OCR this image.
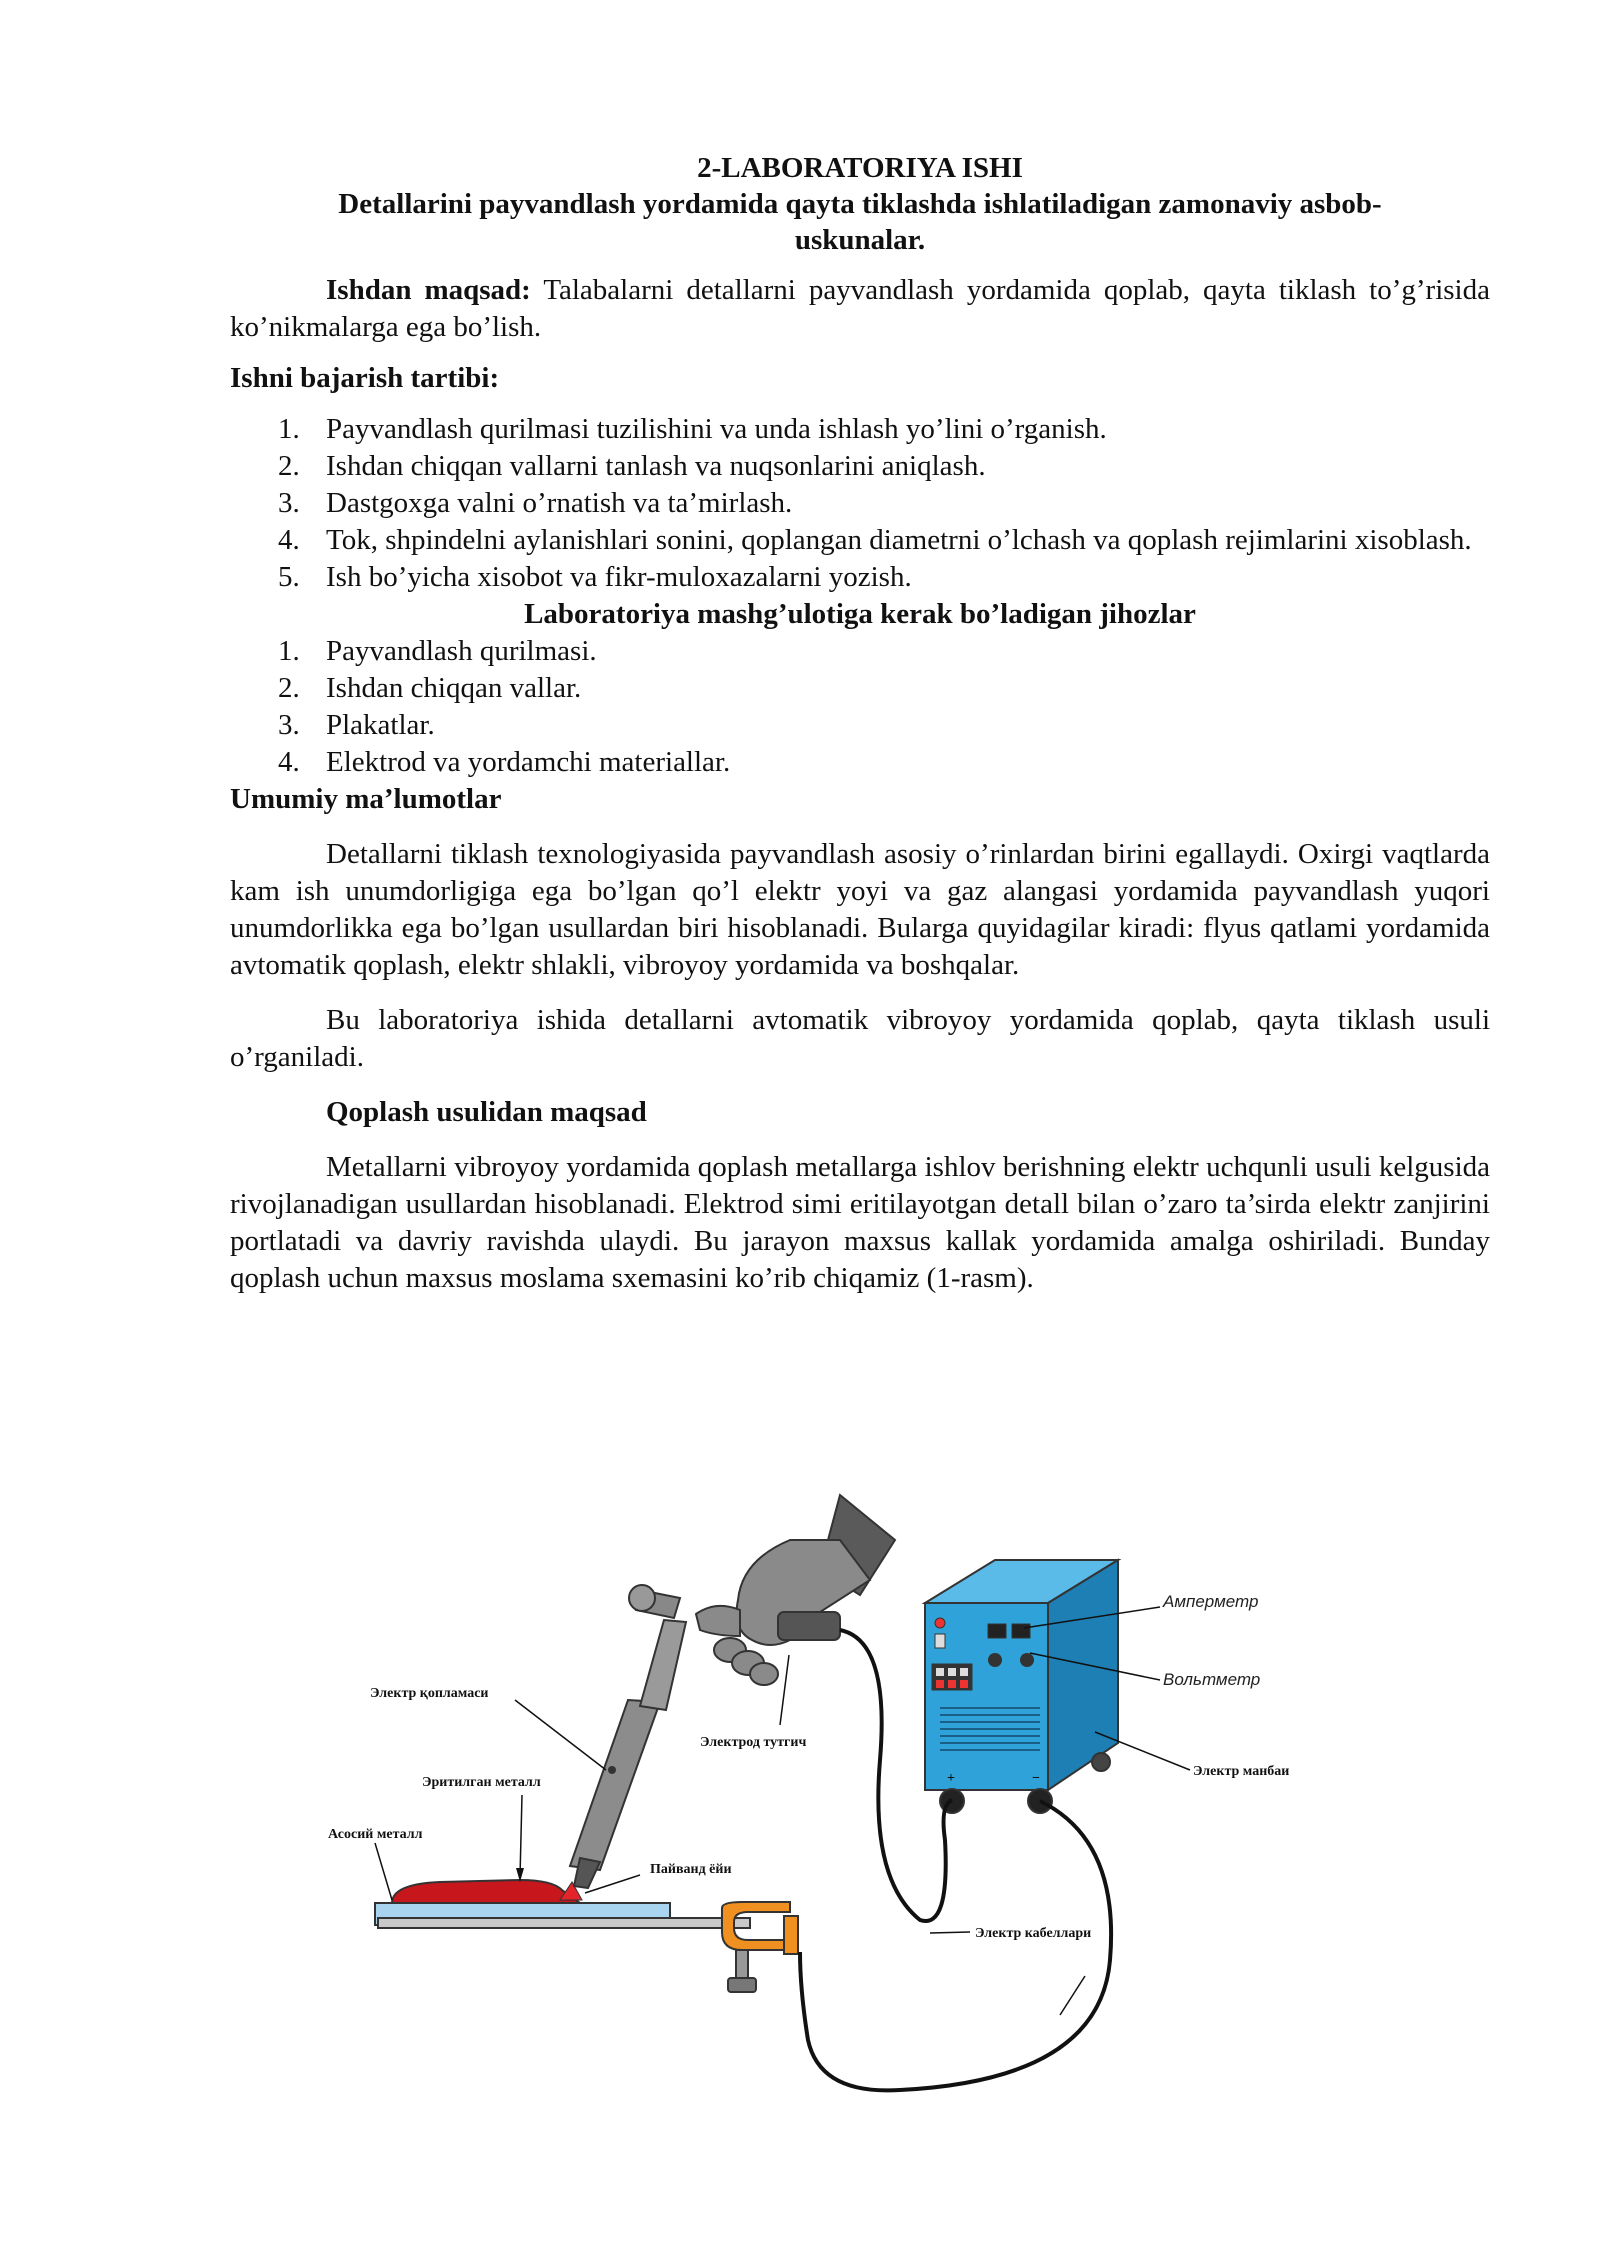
2-LABORATORIYA ISHI

Detallarini payvandlash yordamida qayta tiklashda ishlatiladigan zamonaviy asbob-

uskunalar.

Ishdan maqsad: Talabalarni detallarni payvandlash yordamida qoplab, qayta tiklash to’g’risida ko’nikmalarga ega bo’lish.

Ishni bajarish tartibi:

1. Payvandlash qurilmasi tuzilishini va unda ishlash yo’lini o’rganish.
2. Ishdan chiqqan vallarni tanlash va nuqsonlarini aniqlash.
3. Dastgoxga valni o’rnatish va ta’mirlash.
4. Tok, shpindelni aylanishlari sonini, qoplangan diametrni o’lchash va qoplash rejimlarini xisoblash.
5. Ish bo’yicha xisobot va fikr-muloxazalarni yozish.

Laboratoriya mashg’ulotiga kerak bo’ladigan jihozlar

1. Payvandlash qurilmasi.
2. Ishdan chiqqan vallar.
3. Plakatlar.
4. Elektrod va yordamchi materiallar.

Umumiy ma’lumotlar

Detallarni tiklash texnologiyasida payvandlash asosiy o’rinlardan birini egallaydi. Oxirgi vaqtlarda kam ish unumdorligiga ega bo’lgan qo’l elektr yoyi va gaz alangasi yordamida payvandlash yuqori unumdorlikka ega bo’lgan usullardan biri hisoblanadi. Bularga quyidagilar kiradi: flyus qatlami yordamida avtomatik qoplash, elektr shlakli, vibroyoy yordamida va boshqalar.

Bu laboratoriya ishida detallarni avtomatik vibroyoy yordamida qoplab, qayta tiklash usuli o’rganiladi.

Qoplash usulidan maqsad

Metallarni vibroyoy yordamida qoplash metallarga ishlov berishning elektr uchqunli usuli kelgusida rivojlanadigan usullardan hisoblanadi. Elektrod simi eritilayotgan detall bilan o’zaro ta’sirda elektr zanjirini portlatadi va davriy ravishda ulaydi. Bu jarayon maxsus kallak yordamida amalga oshiriladi. Bunday qoplash uchun maxsus moslama sxemasini ko’rib chiqamiz (1-rasm).

+	−
Амперметр
Вольтметр
Электр манбаи
Электр кабеллари
Электрод тутгич
Электр қопламаси
Эритилган металл
Асосий металл
Пайванд ёйи
